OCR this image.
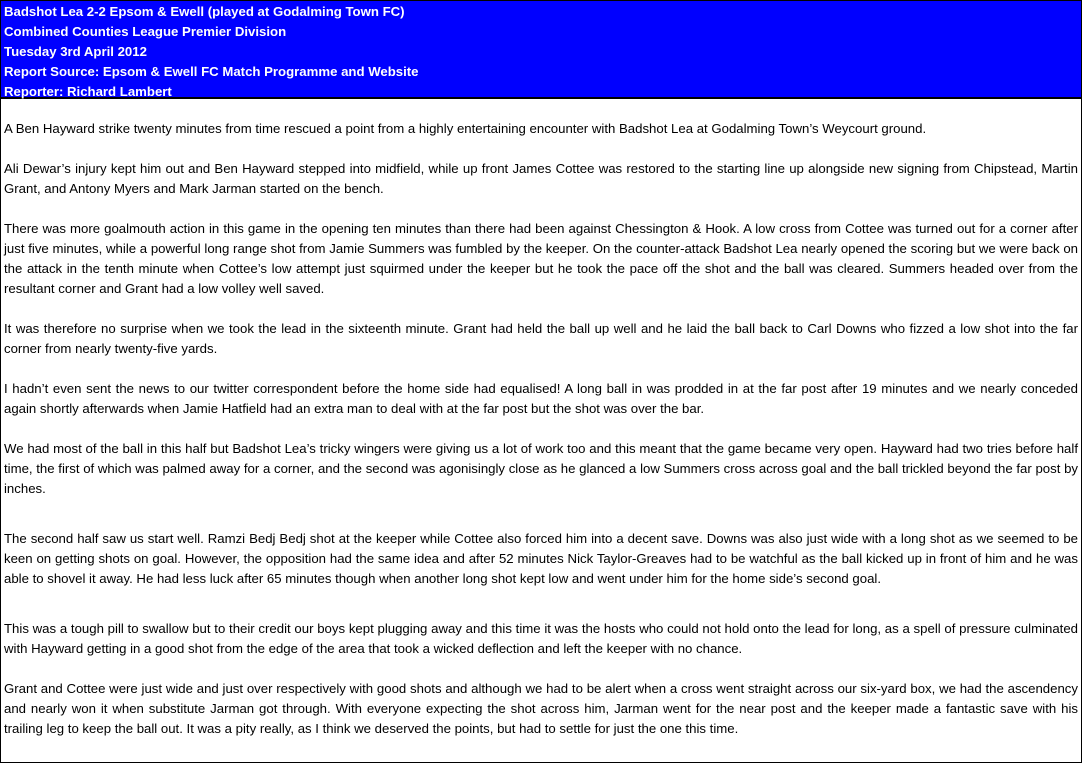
Badshot Lea 2-2 Epsom & Ewell (played at Godalming Town FC)
Combined Counties League Premier Division
Tuesday 3rd April 2012
Report Source: Epsom & Ewell FC Match Programme and Website
Reporter: Richard Lambert

A Ben Hayward strike twenty minutes from time rescued a point from a highly entertaining encounter with Badshot Lea at Godalming Town’s Weycourt ground.

Ali Dewar’s injury kept him out and Ben Hayward stepped into midfield, while up front James Cottee was restored to the starting line up alongside new signing from Chipstead, Martin Grant, and Antony Myers and Mark Jarman started on the bench.

There was more goalmouth action in this game in the opening ten minutes than there had been against Chessington & Hook. A low cross from Cottee was turned out for a corner after just five minutes, while a powerful long range shot from Jamie Summers was fumbled by the keeper. On the counter-attack Badshot Lea nearly opened the scoring but we were back on the attack in the tenth minute when Cottee’s low attempt just squirmed under the keeper but he took the pace off the shot and the ball was cleared. Summers headed over from the resultant corner and Grant had a low volley well saved.

It was therefore no surprise when we took the lead in the sixteenth minute. Grant had held the ball up well and he laid the ball back to Carl Downs who fizzed a low shot into the far corner from nearly twenty-five yards.

I hadn’t even sent the news to our twitter correspondent before the home side had equalised! A long ball in was prodded in at the far post after 19 minutes and we nearly conceded again shortly afterwards when Jamie Hatfield had an extra man to deal with at the far post but the shot was over the bar.

We had most of the ball in this half but Badshot Lea’s tricky wingers were giving us a lot of work too and this meant that the game became very open. Hayward had two tries before half time, the first of which was palmed away for a corner, and the second was agonisingly close as he glanced a low Summers cross across goal and the ball trickled beyond the far post by inches.

The second half saw us start well. Ramzi Bedj Bedj shot at the keeper while Cottee also forced him into a decent save. Downs was also just wide with a long shot as we seemed to be keen on getting shots on goal. However, the opposition had the same idea and after 52 minutes Nick Taylor-Greaves had to be watchful as the ball kicked up in front of him and he was able to shovel it away. He had less luck after 65 minutes though when another long shot kept low and went under him for the home side’s second goal.

This was a tough pill to swallow but to their credit our boys kept plugging away and this time it was the hosts who could not hold onto the lead for long, as a spell of pressure culminated with Hayward getting in a good shot from the edge of the area that took a wicked deflection and left the keeper with no chance.

Grant and Cottee were just wide and just over respectively with good shots and although we had to be alert when a cross went straight across our six-yard box, we had the ascendency and nearly won it when substitute Jarman got through. With everyone expecting the shot across him, Jarman went for the near post and the keeper made a fantastic save with his trailing leg to keep the ball out. It was a pity really, as I think we deserved the points, but had to settle for just the one this time.
